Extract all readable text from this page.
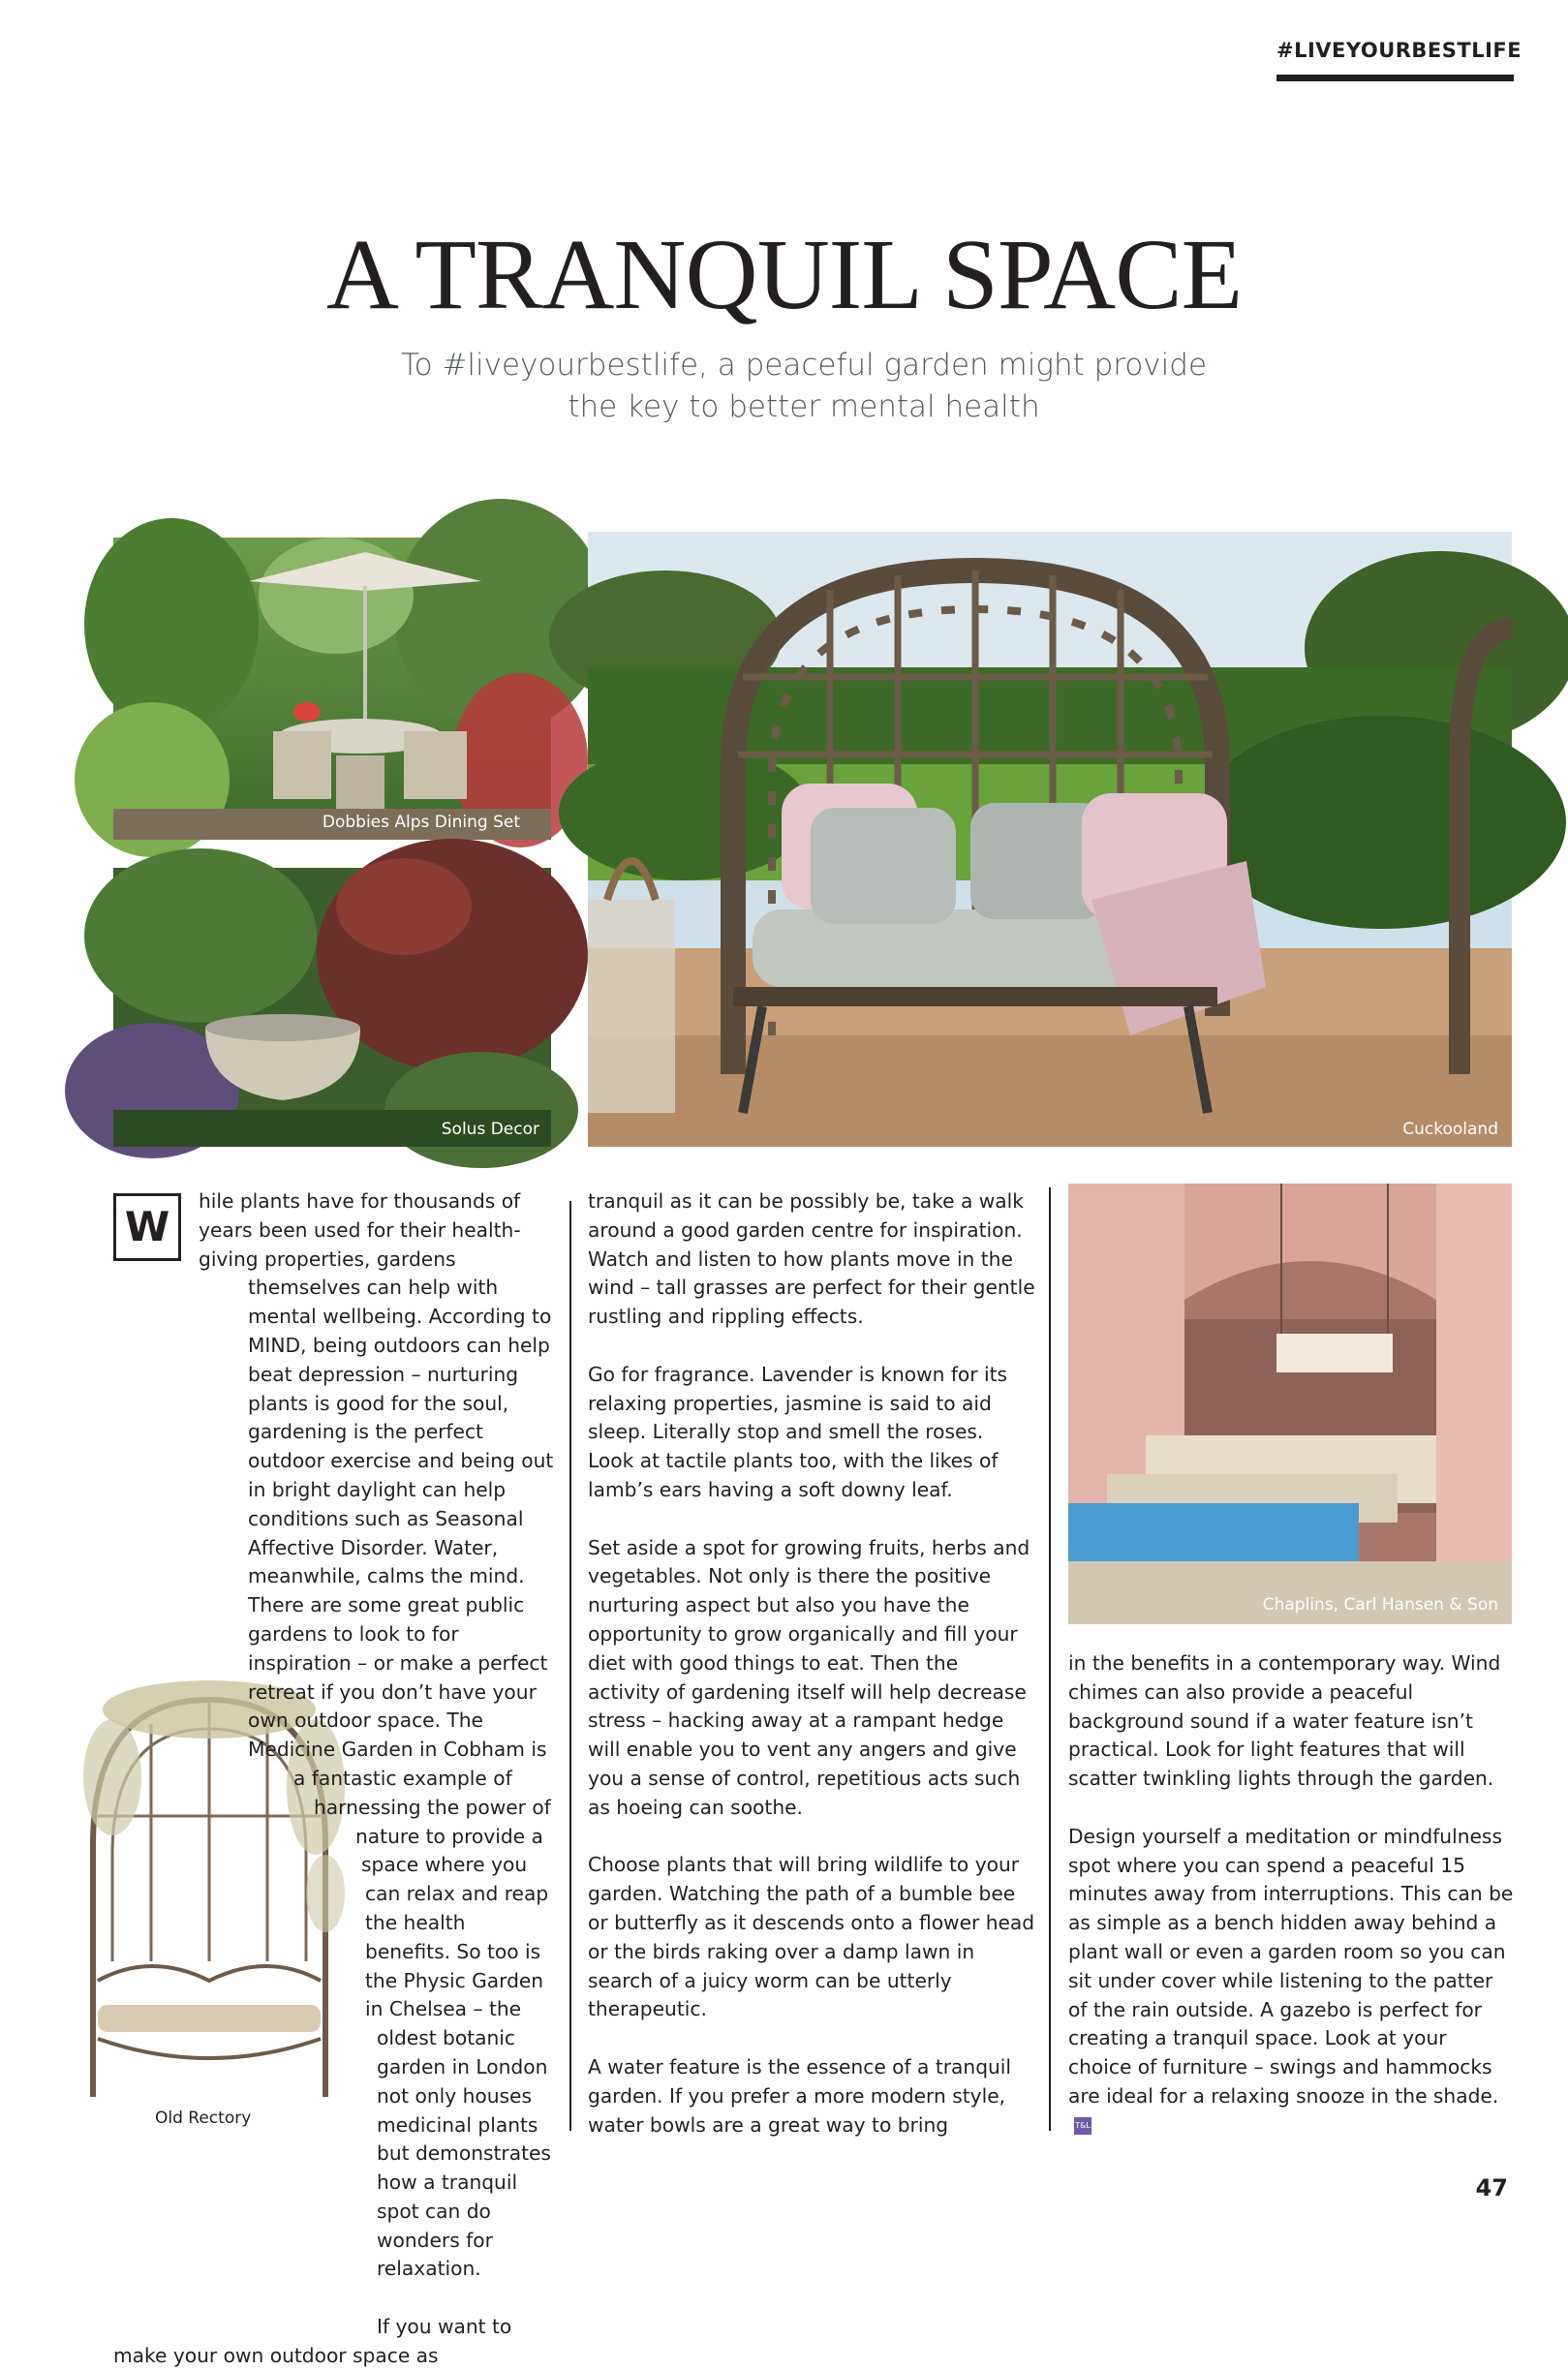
#LIVEYOURBESTLIFE
A TRANQUIL SPACE
To #liveyourbestlife, a peaceful garden might provide the key to better mental health
Dobbies Alps Dining Set
Solus Decor	Cuckooland
Chaplins, Carl Hansen & Son
Old Rectory
W
hile plants have for thousands of years been used for their health-giving properties, gardens themselves can help with mental wellbeing. According to MIND, being outdoors can help beat depression – nurturing plants is good for the soul, gardening is the perfect outdoor exercise and being out in bright daylight can help conditions such as Seasonal Affective Disorder. Water, meanwhile, calms the mind. There are some great public gardens to look to for inspiration – or make a perfect retreat if you don’t have your own outdoor space. The Medicine Garden in Cobham is a fantastic example of harnessing the power of nature to provide a space where you can relax and reap the health benefits. So too is the Physic Garden in Chelsea – the oldest botanic garden in London not only houses medicinal plants but demonstrates how a tranquil spot can do wonders for relaxation.

If you want to make your own outdoor space as

tranquil as it can be possibly be, take a walk around a good garden centre for inspiration. Watch and listen to how plants move in the wind – tall grasses are perfect for their gentle rustling and rippling effects.

Go for fragrance. Lavender is known for its relaxing properties, jasmine is said to aid sleep. Literally stop and smell the roses. Look at tactile plants too, with the likes of lamb’s ears having a soft downy leaf.

Set aside a spot for growing fruits, herbs and vegetables. Not only is there the positive nurturing aspect but also you have the opportunity to grow organically and fill your diet with good things to eat. Then the activity of gardening itself will help decrease stress – hacking away at a rampant hedge will enable you to vent any angers and give you a sense of control, repetitious acts such as hoeing can soothe.

Choose plants that will bring wildlife to your garden. Watching the path of a bumble bee or butterfly as it descends onto a flower head or the birds raking over a damp lawn in search of a juicy worm can be utterly therapeutic.

A water feature is the essence of a tranquil garden. If you prefer a more modern style, water bowls are a great way to bring

in the benefits in a contemporary way. Wind chimes can also provide a peaceful background sound if a water feature isn’t practical. Look for light features that will scatter twinkling lights through the garden.

Design yourself a meditation or mindfulness spot where you can spend a peaceful 15 minutes away from interruptions. This can be as simple as a bench hidden away behind a plant wall or even a garden room so you can sit under cover while listening to the patter of the rain outside. A gazebo is perfect for creating a tranquil space. Look at your choice of furniture – swings and hammocks are ideal for a relaxing snooze in the shade.T&L

47
